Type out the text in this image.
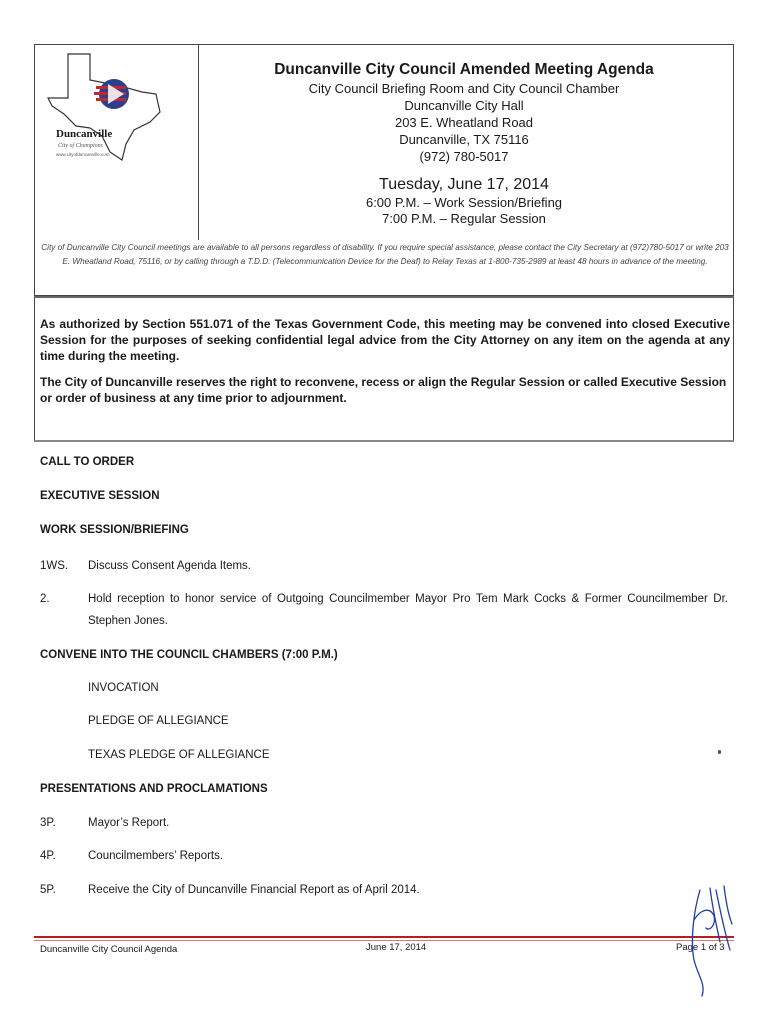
Duncanville
City of Champions
www.cityofduncanville.com

Duncanville City Council Amended Meeting Agenda

City Council Briefing Room and City Council Chamber

Duncanville City Hall

203 E. Wheatland Road

Duncanville, TX 75116

(972) 780-5017

Tuesday, June 17, 2014

6:00 P.M. – Work Session/Briefing

7:00 P.M. – Regular Session

City of Duncanville City Council meetings are available to all persons regardless of disability. If you require special assistance, please contact the City Secretary at (972)780-5017 or write 203 E. Wheatland Road, 75116, or by calling through a T.D.D. (Telecommunication Device for the Deaf) to Relay Texas at 1-800-735-2989 at least 48 hours in advance of the meeting.
As authorized by Section 551.071 of the Texas Government Code, this meeting may be convened into closed Executive Session for the purposes of seeking confidential legal advice from the City Attorney on any item on the agenda at any time during the meeting.
The City of Duncanville reserves the right to reconvene, recess or align the Regular Session or called Executive Session or order of business at any time prior to adjournment.
CALL TO ORDER
EXECUTIVE SESSION
WORK SESSION/BRIEFING
1WS. Discuss Consent Agenda Items.
2.	Hold reception to honor service of Outgoing Councilmember Mayor Pro Tem Mark Cocks & Former Councilmember Dr. Stephen Jones.
CONVENE INTO THE COUNCIL CHAMBERS (7:00 P.M.)
INVOCATION
PLEDGE OF ALLEGIANCE
TEXAS PLEDGE OF ALLEGIANCE
PRESENTATIONS AND PROCLAMATIONS
3P.	Mayor’s Report.
4P.	Councilmembers’ Reports.
5P.	Receive the City of Duncanville Financial Report as of April 2014.
Duncanville City Council Agenda	June 17, 2014	Page 1 of 3
